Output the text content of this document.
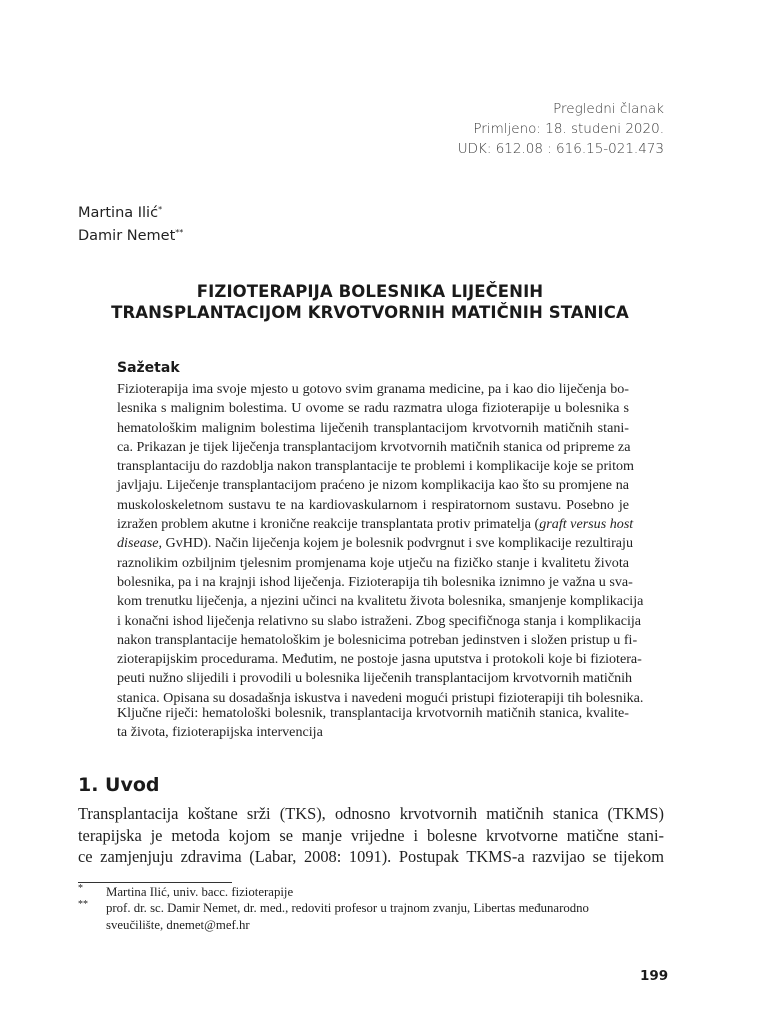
Pregledni članak
Primljeno: 18. studeni 2020.
UDK: 612.08 : 616.15-021.473
Martina Ilić*
Damir Nemet**
FIZIOTERAPIJA BOLESNIKA LIJEČENIH
TRANSPLANTACIJOM KRVOTVORNIH MATIČNIH STANICA
Sažetak
Fizioterapija ima svoje mjesto u gotovo svim granama medicine, pa i kao dio liječenja bo-
lesnika s malignim bolestima. U ovome se radu razmatra uloga fizioterapije u bolesnika s
hematološkim malignim bolestima liječenih transplantacijom krvotvornih matičnih stani-
ca. Prikazan je tijek liječenja transplantacijom krvotvornih matičnih stanica od pripreme za
transplantaciju do razdoblja nakon transplantacije te problemi i komplikacije koje se pritom
javljaju. Liječenje transplantacijom praćeno je nizom komplikacija kao što su promjene na
muskoloskeletnom sustavu te na kardiovaskularnom i respiratornom sustavu. Posebno je
izražen problem akutne i kronične reakcije transplantata protiv primatelja (graft versus host
disease, GvHD). Način liječenja kojem je bolesnik podvrgnut i sve komplikacije rezultiraju
raznolikim ozbiljnim tjelesnim promjenama koje utječu na fizičko stanje i kvalitetu života
bolesnika, pa i na krajnji ishod liječenja. Fizioterapija tih bolesnika iznimno je važna u sva-
kom trenutku liječenja, a njezini učinci na kvalitetu života bolesnika, smanjenje komplikacija
i konačni ishod liječenja relativno su slabo istraženi. Zbog specifičnoga stanja i komplikacija
nakon transplantacije hematološkim je bolesnicima potreban jedinstven i složen pristup u fi-
zioterapijskim procedurama. Međutim, ne postoje jasna uputstva i protokoli koje bi fiziotera-
peuti nužno slijedili i provodili u bolesnika liječenih transplantacijom krvotvornih matičnih
stanica. Opisana su dosadašnja iskustva i navedeni mogući pristupi fizioterapiji tih bolesnika.
Ključne riječi: hematološki bolesnik, transplantacija krvotvornih matičnih stanica, kvalite-
ta života, fizioterapijska intervencija
1. Uvod
Transplantacija koštane srži (TKS), odnosno krvotvornih matičnih stanica (TKMS)
terapijska je metoda kojom se manje vrijedne i bolesne krvotvorne matične stani-
ce zamjenjuju zdravima (Labar, 2008: 1091). Postupak TKMS-a razvijao se tijekom
* Martina Ilić, univ. bacc. fizioterapije
** prof. dr. sc. Damir Nemet, dr. med., redoviti profesor u trajnom zvanju, Libertas međunarodno
sveučilište, dnemet@mef.hr
199
